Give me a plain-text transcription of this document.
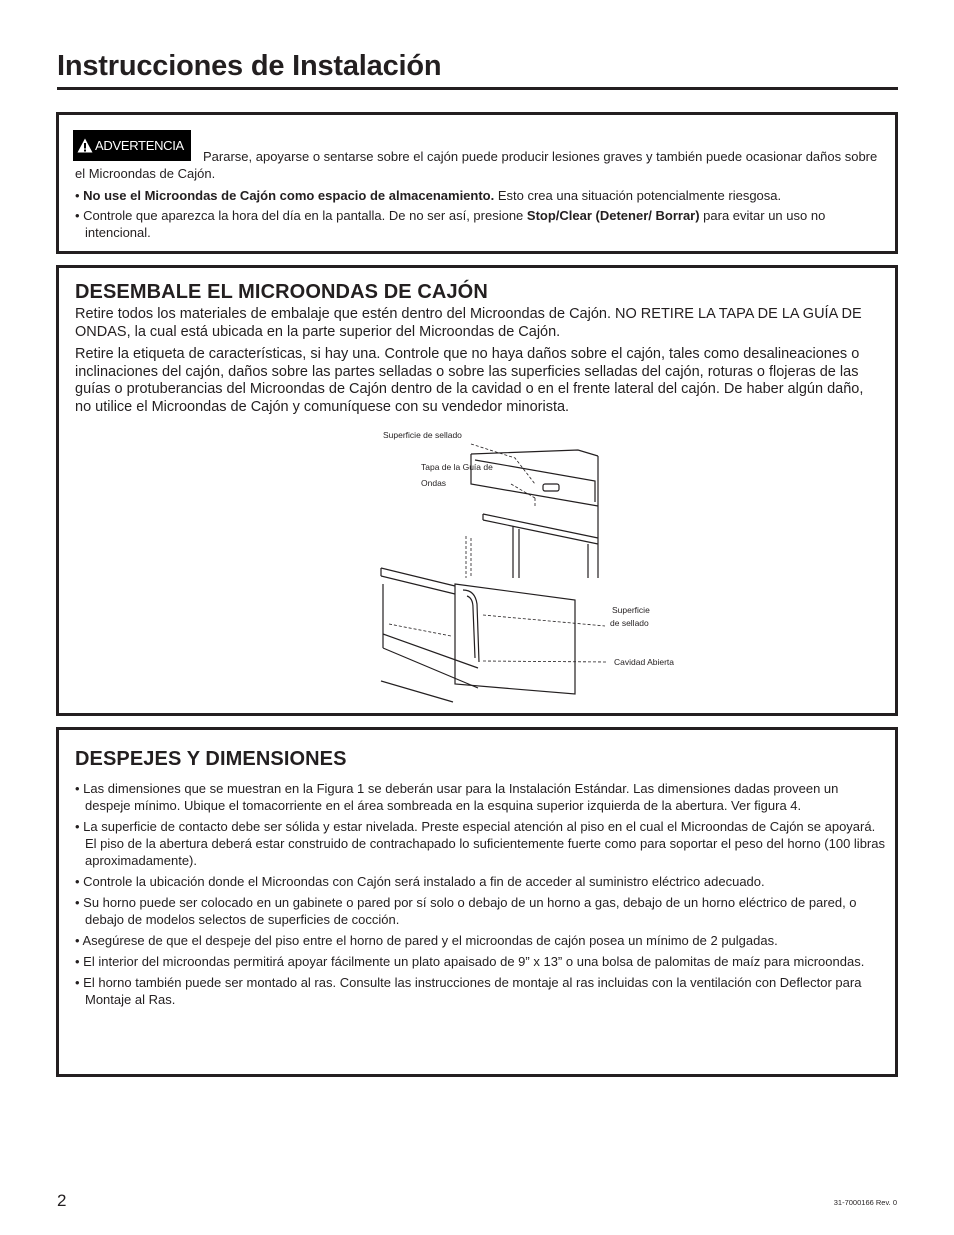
Instrucciones de Instalación
ADVERTENCIA

Pararse, apoyarse o sentarse sobre el cajón puede producir lesiones graves y también puede ocasionar daños sobre el Microondas de Cajón.

• No use el Microondas de Cajón como espacio de almacenamiento. Esto crea una situación potencialmente riesgosa.

• Controle que aparezca la hora del día en la pantalla. De no ser así, presione Stop/Clear (Detener/ Borrar) para evitar un uso no intencional.

DESEMBALE EL MICROONDAS DE CAJÓN

Retire todos los materiales de embalaje que estén dentro del Microondas de Cajón. NO RETIRE LA TAPA DE LA GUÍA DE ONDAS, la cual está ubicada en la parte superior del Microondas de Cajón.

Retire la etiqueta de características, si hay una. Controle que no haya daños sobre el cajón, tales como desalineaciones o inclinaciones del cajón, daños sobre las partes selladas o sobre las superficies selladas del cajón, roturas o flojeras de las guías o protuberancias del Microondas de Cajón dentro de la cavidad o en el frente lateral del cajón. De haber algún daño, no utilice el Microondas de Cajón y comuníquese con su vendedor minorista.

Superficie de sellado
Tapa de la Guía de
Ondas
Superficie
de sellado
Cavidad Abierta
DESPEJES Y DIMENSIONES
• Las dimensiones que se muestran en la Figura 1 se deberán usar para la Instalación Estándar. Las dimensiones dadas proveen un despeje mínimo. Ubique el tomacorriente en el área sombreada en la esquina superior izquierda de la abertura. Ver figura 4.
• La superficie de contacto debe ser sólida y estar nivelada. Preste especial atención al piso en el cual el Microondas de Cajón se apoyará. El piso de la abertura deberá estar construido de contrachapado lo suficientemente fuerte como para soportar el peso del horno (100 libras aproximadamente).
• Controle la ubicación donde el Microondas con Cajón será instalado a fin de acceder al suministro eléctrico adecuado.
• Su horno puede ser colocado en un gabinete o pared por sí solo o debajo de un horno a gas, debajo de un horno eléctrico de pared, o debajo de modelos selectos de superficies de cocción.
• Asegúrese de que el despeje del piso entre el horno de pared y el microondas de cajón posea un mínimo de 2 pulgadas.
• El interior del microondas permitirá apoyar fácilmente un plato apaisado de 9” x 13” o una bolsa de palomitas de maíz para microondas.
• El horno también puede ser montado al ras. Consulte las instrucciones de montaje al ras incluidas con la ventilación con Deflector para Montaje al Ras.
2	31-7000166 Rev. 0
